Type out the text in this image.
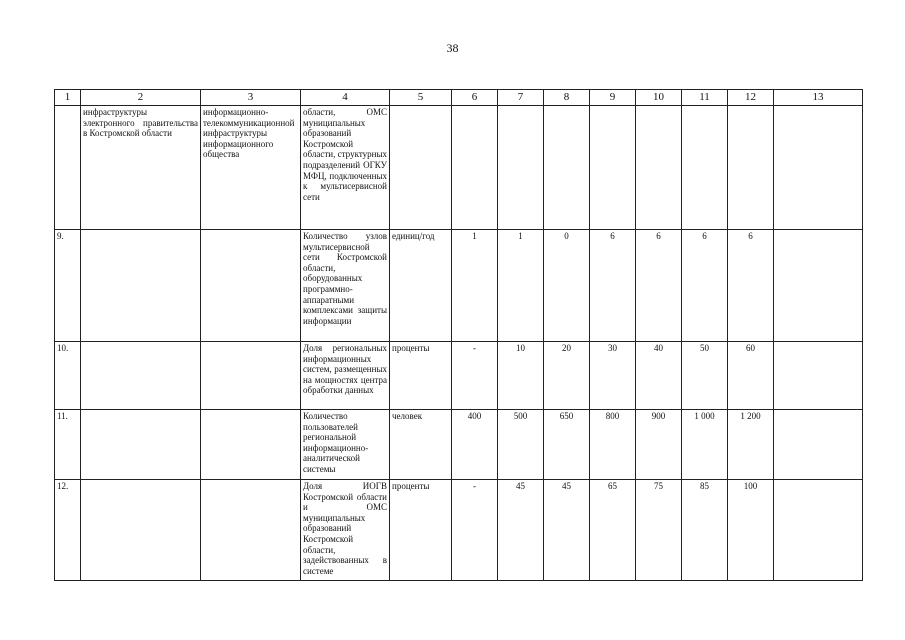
38
1	2	3	4	5	6	7	8	9	10	11	12	13
	инфраструктуры электронного правительства в Костромской области	информационно-телекоммуникационной инфраструктуры информационного общества	области, ОМС муниципальных образований Костромской области, структурных подразделений ОГКУ МФЦ, подключенных к мультисервисной сети									
9.			Количество узлов мультисервисной сети Костромской области, оборудованных программно-аппаратными комплексами защиты информации	единиц/год	1	1	0	6	6	6	6	
10.			Доля региональных информационных систем, размещенных на мощностях центра обработки данных	проценты	-	10	20	30	40	50	60	
11.			Количество пользователей региональной информационно-аналитической системы	человек	400	500	650	800	900	1 000	1 200	
12.			Доля ИОГВ Костромской области и ОМС муниципальных образований Костромской области, задействованных в системе	проценты	-	45	45	65	75	85	100	
